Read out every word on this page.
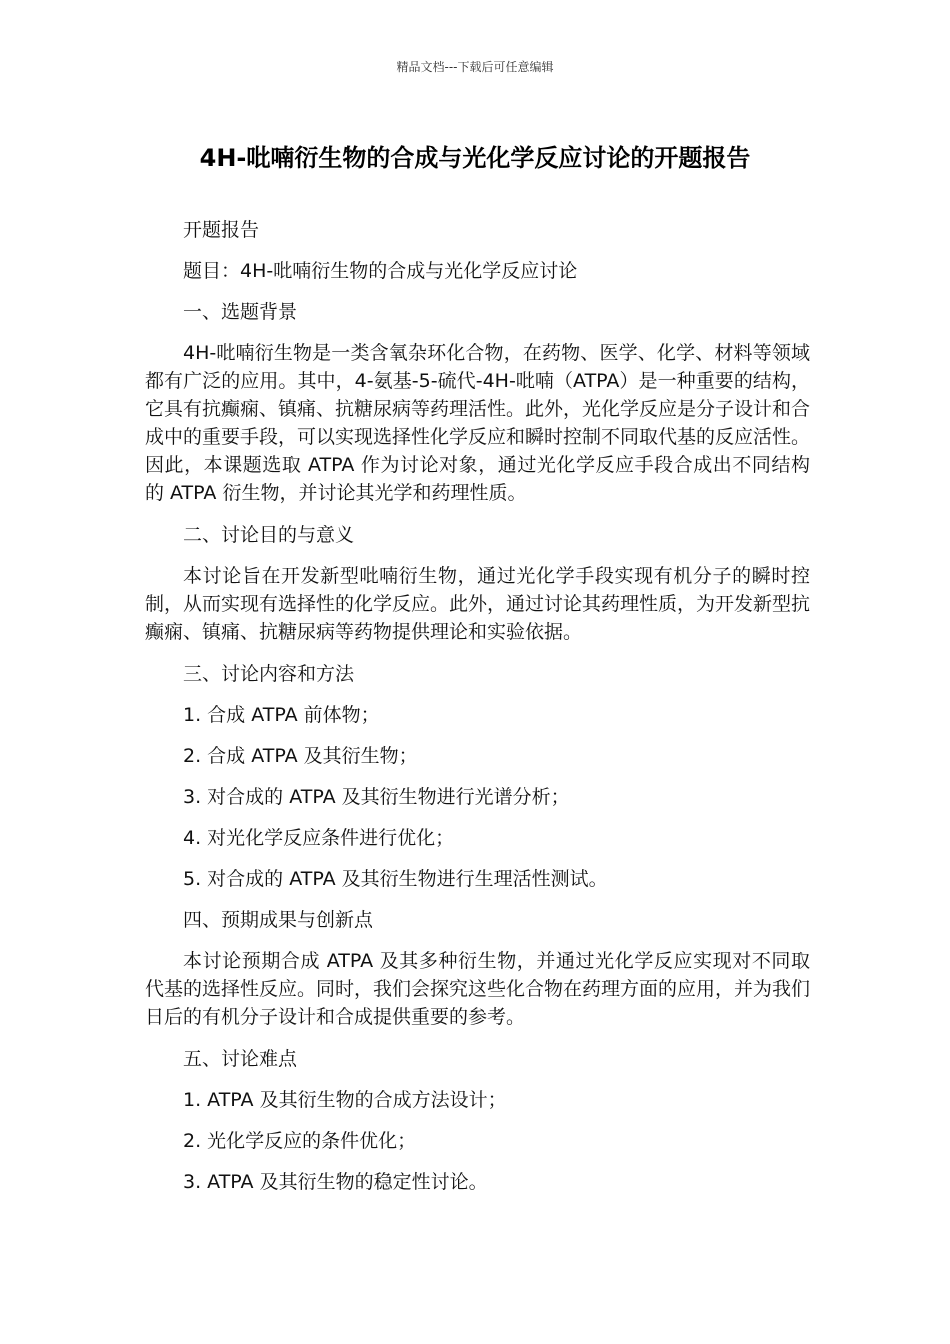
精品文档---下载后可任意编辑
4H-吡喃衍生物的合成与光化学反应讨论的开题报告

开题报告

题目：4H-吡喃衍生物的合成与光化学反应讨论

一、选题背景

4H-吡喃衍生物是一类含氧杂环化合物，在药物、医学、化学、材料等领域都有广泛的应用。其中，4-氨基-5-硫代-4H-吡喃（ATPA）是一种重要的结构，它具有抗癫痫、镇痛、抗糖尿病等药理活性。此外，光化学反应是分子设计和合成中的重要手段，可以实现选择性化学反应和瞬时控制不同取代基的反应活性。因此，本课题选取 ATPA 作为讨论对象，通过光化学反应手段合成出不同结构的 ATPA 衍生物，并讨论其光学和药理性质。

二、讨论目的与意义

本讨论旨在开发新型吡喃衍生物，通过光化学手段实现有机分子的瞬时控制，从而实现有选择性的化学反应。此外，通过讨论其药理性质，为开发新型抗癫痫、镇痛、抗糖尿病等药物提供理论和实验依据。

三、讨论内容和方法

1. 合成 ATPA 前体物；

2. 合成 ATPA 及其衍生物；

3. 对合成的 ATPA 及其衍生物进行光谱分析；

4. 对光化学反应条件进行优化；

5. 对合成的 ATPA 及其衍生物进行生理活性测试。

四、预期成果与创新点

本讨论预期合成 ATPA 及其多种衍生物，并通过光化学反应实现对不同取代基的选择性反应。同时，我们会探究这些化合物在药理方面的应用，并为我们日后的有机分子设计和合成提供重要的参考。

五、讨论难点

1. ATPA 及其衍生物的合成方法设计；

2. 光化学反应的条件优化；

3. ATPA 及其衍生物的稳定性讨论。
